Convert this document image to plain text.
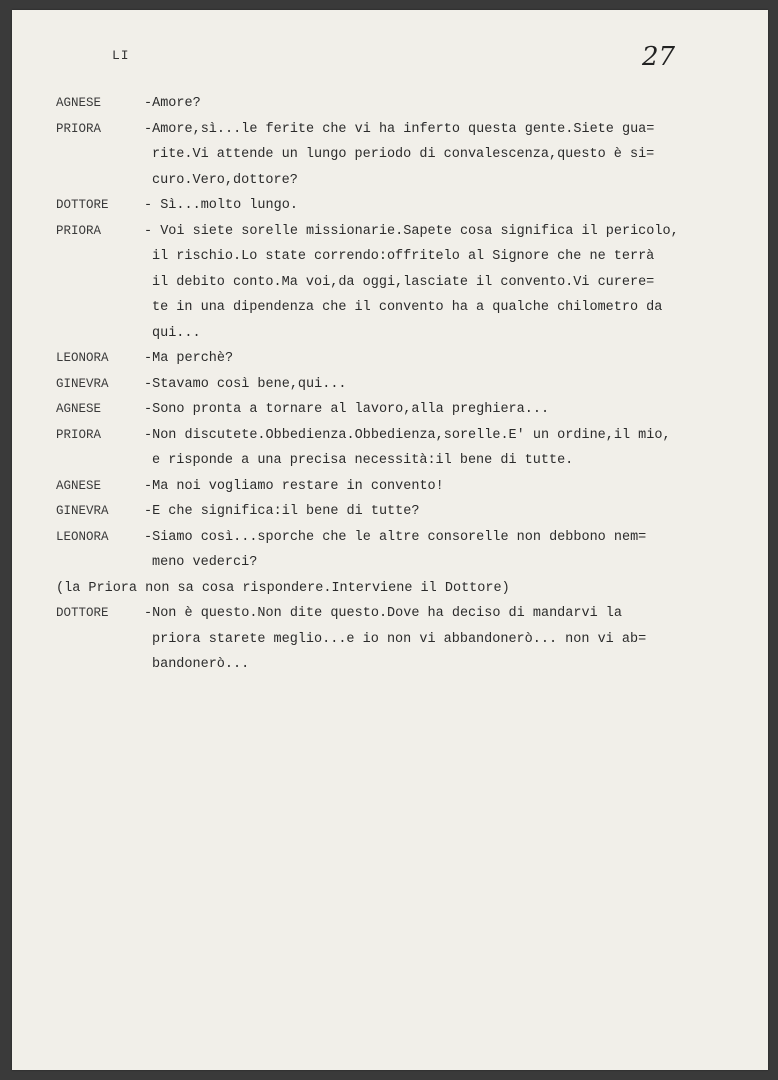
LI	27
AGNESE	-Amore?
PRIORA	-Amore,sì...le ferite che vi ha inferto questa gente.Siete gua=
rite.Vi attende un lungo periodo di convalescenza,questo è si=
curo.Vero,dottore?
DOTTORE	- Sì...molto lungo.
PRIORA	- Voi siete sorelle missionarie.Sapete cosa significa il pericolo,
il rischio.Lo state correndo:offritelo al Signore che ne terrà
il debito conto.Ma voi,da oggi,lasciate il convento.Vi curere=
te in una dipendenza che il convento ha a qualche chilometro da
qui...
LEONORA	-Ma perchè?
GINEVRA	-Stavamo così bene,qui...
AGNESE	-Sono pronta a tornare al lavoro,alla preghiera...
PRIORA	-Non discutete.Obbedienza.Obbedienza,sorelle.E' un ordine,il mio,
e risponde a una precisa necessità:il bene di tutte.
AGNESE	-Ma noi vogliamo restare in convento!
GINEVRA	-E che significa:il bene di tutte?
LEONORA	-Siamo così...sporche che le altre consorelle non debbono nem=
meno vederci?
(la Priora non sa cosa rispondere.Interviene il Dottore)
DOTTORE	-Non è questo.Non dite questo.Dove ha deciso di mandarvi la
priora starete meglio...e io non vi abbandonerò... non vi ab=
bandonerò...
